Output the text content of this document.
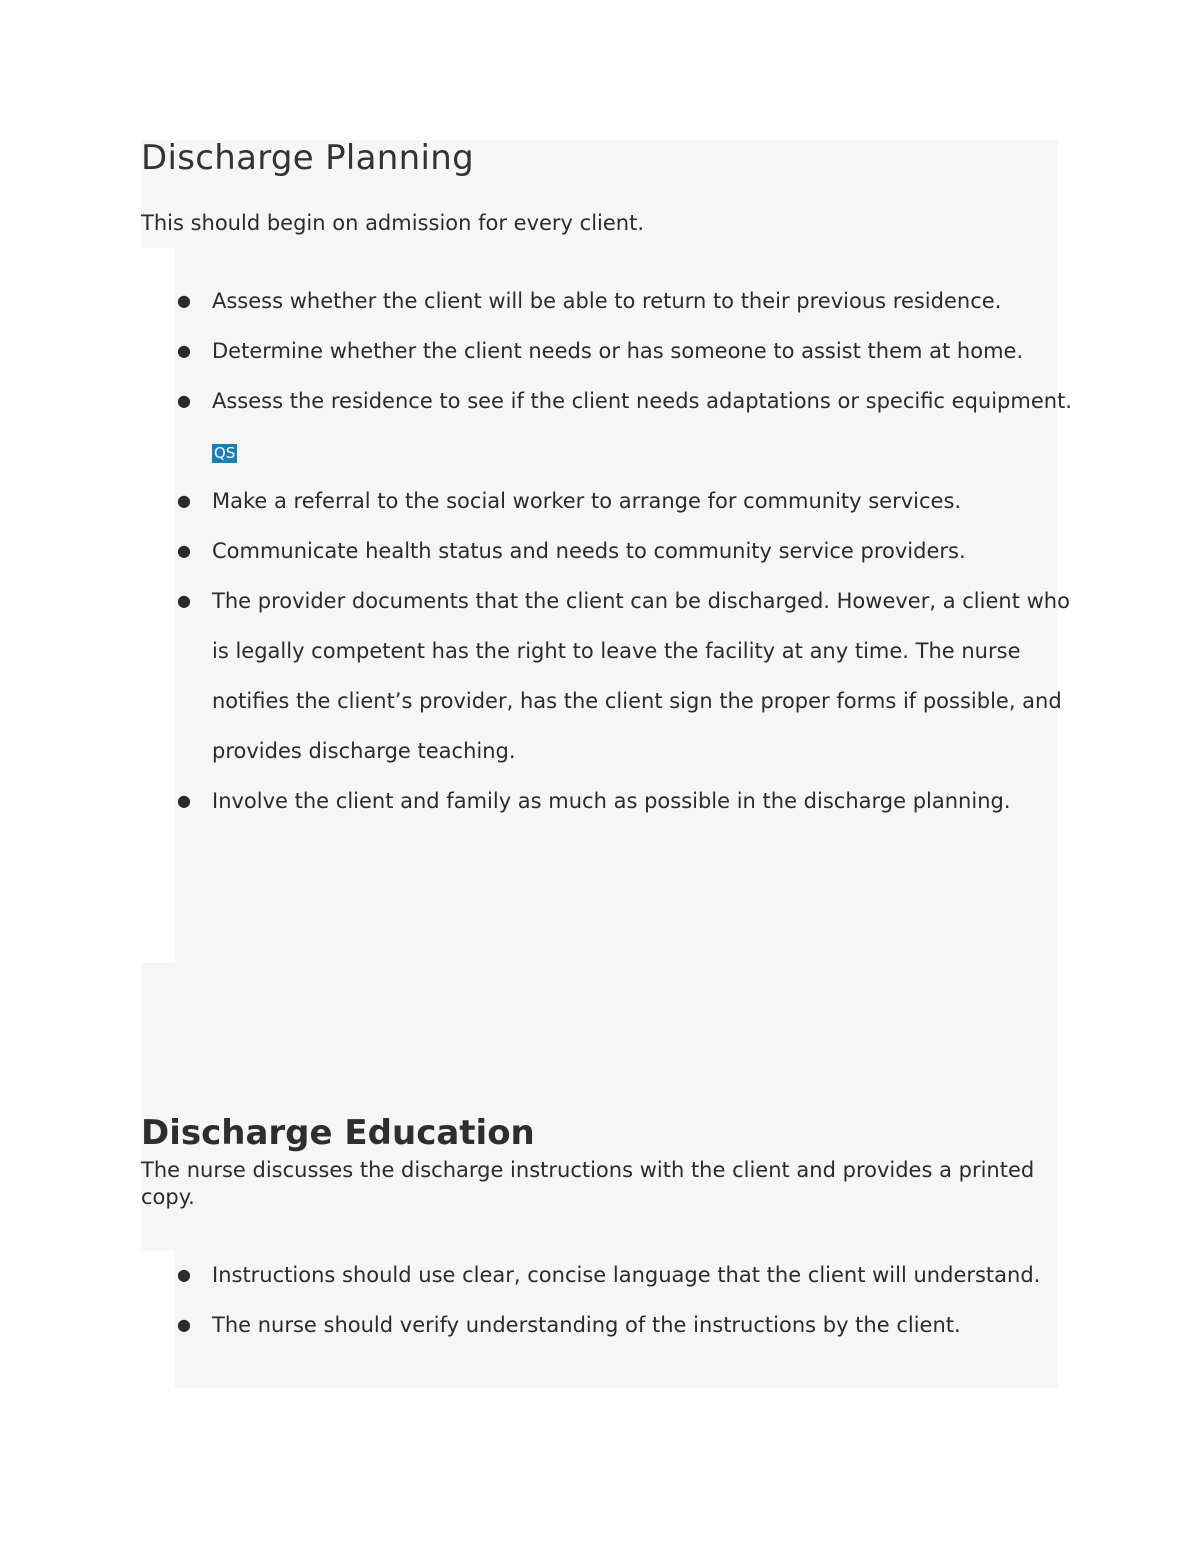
Discharge Planning

This should begin on admission for every client.

● Assess whether the client will be able to return to their previous residence.
● Determine whether the client needs or has someone to assist them at home.
● Assess the residence to see if the client needs adaptations or specific equipment. QS
● Make a referral to the social worker to arrange for community services.
● Communicate health status and needs to community service providers.
● The provider documents that the client can be discharged. However, a client who is legally competent has the right to leave the facility at any time. The nurse notifies the client’s provider, has the client sign the proper forms if possible, and provides discharge teaching.
● Involve the client and family as much as possible in the discharge planning.
Discharge Education

The nurse discusses the discharge instructions with the client and provides a printed copy.

● Instructions should use clear, concise language that the client will understand.
● The nurse should verify understanding of the instructions by the client.
